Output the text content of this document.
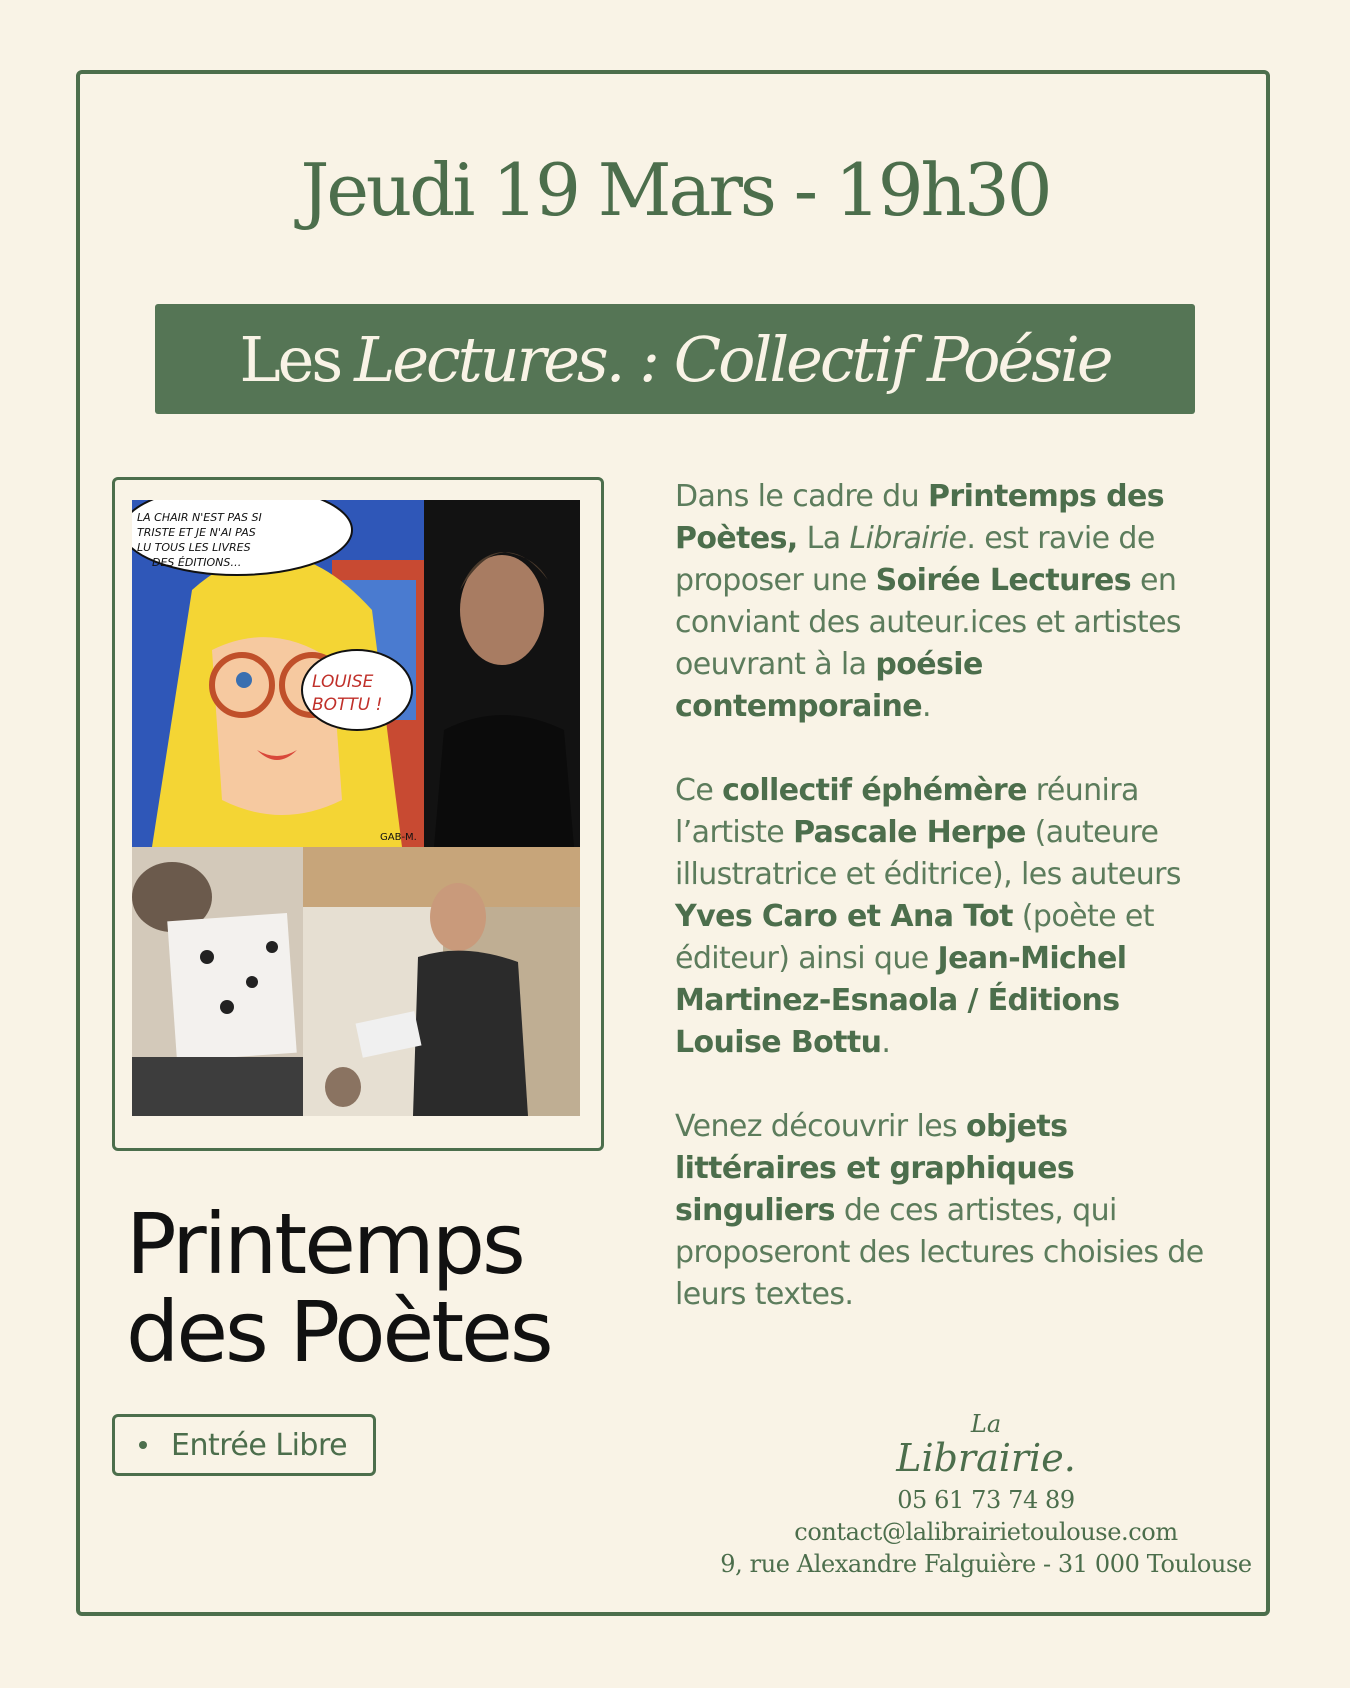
Jeudi 19 Mars - 19h30
Les Lectures. : Collectif Poésie
LA CHAIR N'EST PAS SI
TRISTE ET JE N'AI PAS
LU TOUS LES LIVRES
DES ÉDITIONS…
LOUISE
BOTTU !
GAB-M.

Dans le cadre du Printemps des Poètes, La Librairie. est ravie de proposer une Soirée Lectures en conviant des auteur.ices et artistes oeuvrant à la poésie contemporaine.

Ce collectif éphémère réunira l’artiste Pascale Herpe (auteure illustratrice et éditrice), les auteurs Yves Caro et Ana Tot (poète et éditeur) ainsi que Jean-Michel Martinez-Esnaola / Éditions Louise Bottu.

Venez découvrir les objets littéraires et graphiques singuliers de ces artistes, qui proposeront des lectures choisies de leurs textes.

Printemps
des Poètes
Entrée Libre
La
Librairie.
05 61 73 74 89
contact@lalibrairietoulouse.com
9, rue Alexandre Falguière - 31 000 Toulouse
